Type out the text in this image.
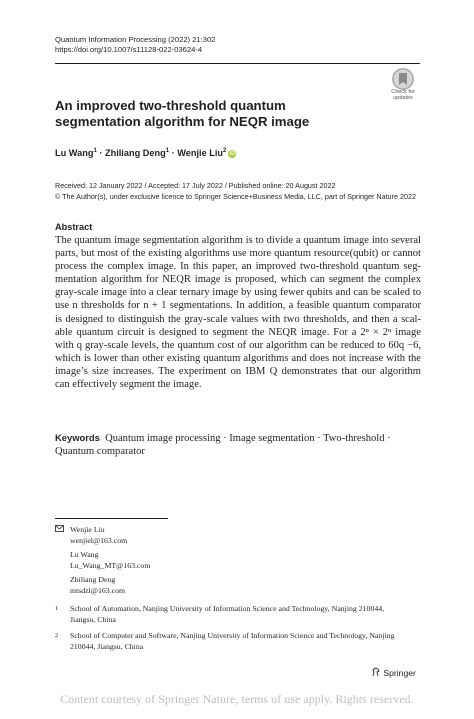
Quantum Information Processing (2022) 21:302
https://doi.org/10.1007/s11128-022-03624-4
Check for
updates
An improved two-threshold quantum segmentation algorithm for NEQR image
Lu Wang$^1$ · Zhiliang Deng$^1$ · Wenjie Liu$^2$iD
Received: 12 January 2022 / Accepted: 17 July 2022 / Published online: 20 August 2022
© The Author(s), under exclusive licence to Springer Science+Business Media, LLC, part of Springer Nature 2022
Abstract
The quantum image segmentation algorithm is to divide a quantum image into several
parts, but most of the existing algorithms use more quantum resource(qubit) or cannot
process the complex image. In this paper, an improved two-threshold quantum seg-
mentation algorithm for NEQR image is proposed, which can segment the complex
gray-scale image into a clear ternary image by using fewer qubits and can be scaled to
use n thresholds for n + 1 segmentations. In addition, a feasible quantum comparator
is designed to distinguish the gray-scale values with two thresholds, and then a scal-
able quantum circuit is designed to segment the NEQR image. For a 2ⁿ × 2ⁿ image
with q gray-scale levels, the quantum cost of our algorithm can be reduced to 60q −6,
which is lower than other existing quantum algorithms and does not increase with the
image’s size increases. The experiment on IBM Q demonstrates that our algorithm
can effectively segment the image.
Keywords Quantum image processing · Image segmentation · Two-threshold ·
Quantum comparator
Wenjie Liu
wenjiel@163.com
Lu Wang
Lu_Wang_MT@163.com
Zhiliang Deng
mtsdzl@163.com
1 School of Automation, Nanjing University of Information Science and Technology, Nanjing 210044, Jiangsu, China
2 School of Computer and Software, Nanjing University of Information Science and Technology, Nanjing 210044, Jiangsu, China
Springer
Content courtesy of Springer Nature, terms of use apply. Rights reserved.
